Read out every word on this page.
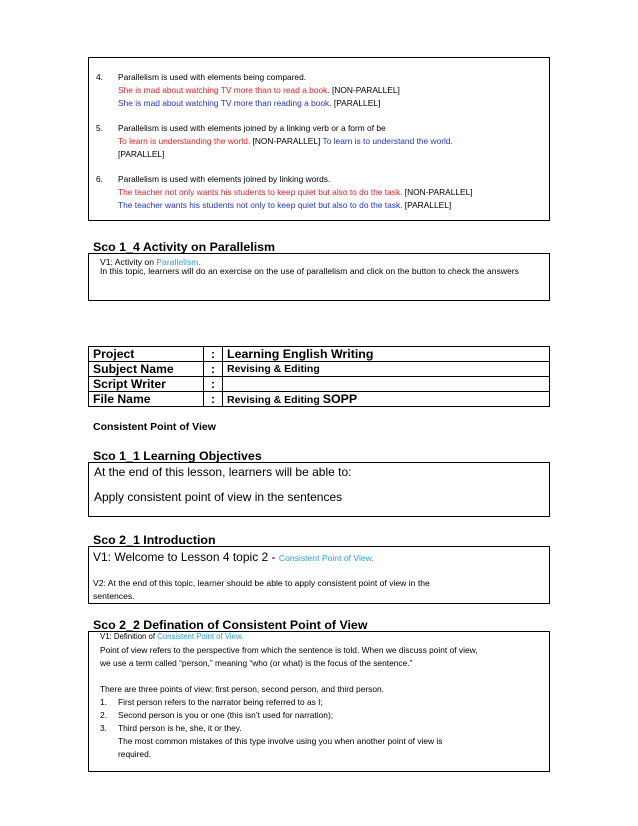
4. Parallelism is used with elements being compared.
She is mad about watching TV more than to read a book. [NON-PARALLEL]
She is mad about watching TV more than reading a book. [PARALLEL]
5. Parallelism is used with elements joined by a linking verb or a form of be
To learn is understanding the world. [NON-PARALLEL] To learn is to understand the world.
[PARALLEL]
6. Parallelism is used with elements joined by linking words.
The teacher not only wants his students to keep quiet but also to do the task. [NON-PARALLEL]
The teacher wants his students not only to keep quiet but also to do the task. [PARALLEL]
Sco 1_4 Activity on Parallelism
V1: Activity on Parallelism.
In this topic, learners will do an exercise on the use of parallelism and click on the button to check the answers
Project	:	Learning English Writing
Subject Name	:	Revising & Editing
Script Writer	:	
File Name	:	Revising & Editing SOPP
Consistent Point of View
Sco 1_1 Learning Objectives
At the end of this lesson, learners will be able to:
Apply consistent point of view in the sentences
Sco 2_1 Introduction
V1: Welcome to Lesson 4 topic 2 - Consistent Point of View.
V2: At the end of this topic, learner should be able to apply consistent point of view in the
sentences.
Sco 2_2 Defination of Consistent Point of View
V1: Definition of Consistent Point of View.
Point of view refers to the perspective from which the sentence is told. When we discuss point of view,
we use a term called “person,” meaning “who (or what) is the focus of the sentence.”
There are three points of view: first person, second person, and third person.
1. First person refers to the narrator being referred to as I;
2. Second person is you or one (this isn’t used for narration);
3. Third person is he, she, it or they.
The most common mistakes of this type involve using you when another point of view is
required.
